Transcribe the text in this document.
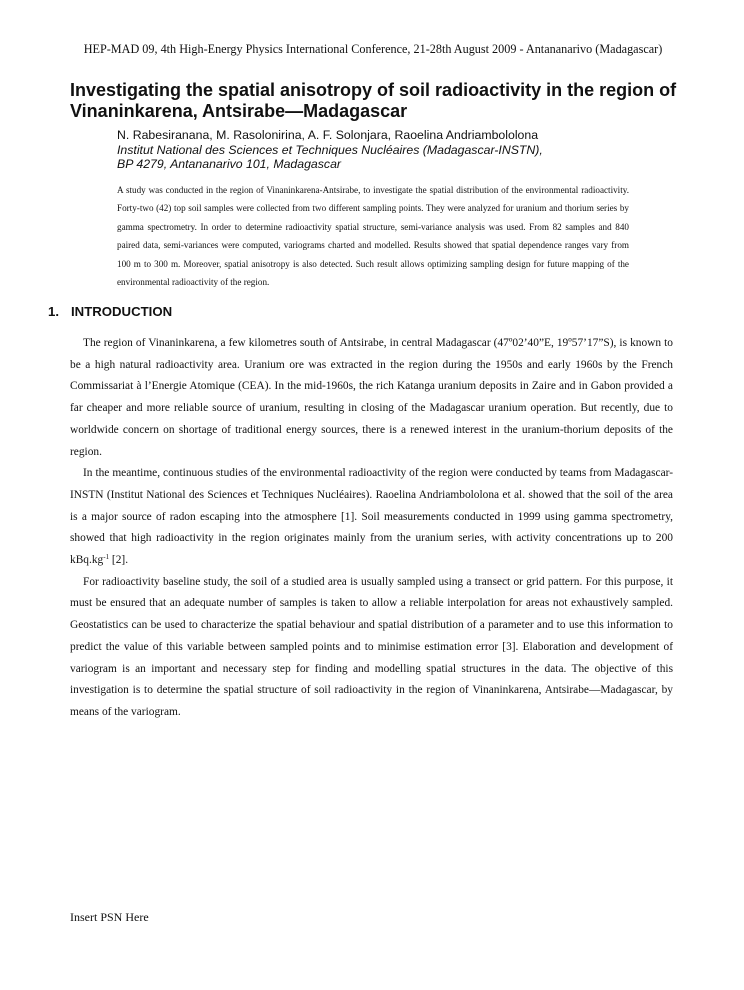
HEP-MAD 09, 4th High-Energy Physics International Conference, 21-28th August 2009 - Antananarivo (Madagascar)
Investigating the spatial anisotropy of soil radioactivity in the region of Vinaninkarena, Antsirabe—Madagascar
N. Rabesiranana, M. Rasolonirina, A. F. Solonjara, Raoelina Andriambololona
Institut National des Sciences et Techniques Nucléaires (Madagascar-INSTN),
BP 4279, Antananarivo 101, Madagascar

A study was conducted in the region of Vinaninkarena-Antsirabe, to investigate the spatial distribution of the environmental radioactivity. Forty-two (42) top soil samples were collected from two different sampling points. They were analyzed for uranium and thorium series by gamma spectrometry. In order to determine radioactivity spatial structure, semi-variance analysis was used. From 82 samples and 840 paired data, semi-variances were computed, variograms charted and modelled. Results showed that spatial dependence ranges vary from 100 m to 300 m. Moreover, spatial anisotropy is also detected. Such result allows optimizing sampling design for future mapping of the environmental radioactivity of the region.

1. INTRODUCTION

The region of Vinaninkarena, a few kilometres south of Antsirabe, in central Madagascar (47º02’40”E, 19º57’17”S), is known to be a high natural radioactivity area. Uranium ore was extracted in the region during the 1950s and early 1960s by the French Commissariat à l’Energie Atomique (CEA). In the mid-1960s, the rich Katanga uranium deposits in Zaire and in Gabon provided a far cheaper and more reliable source of uranium, resulting in closing of the Madagascar uranium operation. But recently, due to worldwide concern on shortage of traditional energy sources, there is a renewed interest in the uranium-thorium deposits of the region.

In the meantime, continuous studies of the environmental radioactivity of the region were conducted by teams from Madagascar-INSTN (Institut National des Sciences et Techniques Nucléaires). Raoelina Andriambololona et al. showed that the soil of the area is a major source of radon escaping into the atmosphere [1]. Soil measurements conducted in 1999 using gamma spectrometry, showed that high radioactivity in the region originates mainly from the uranium series, with activity concentrations up to 200 $kBq.kg^{-1}$ [2].

For radioactivity baseline study, the soil of a studied area is usually sampled using a transect or grid pattern. For this purpose, it must be ensured that an adequate number of samples is taken to allow a reliable interpolation for areas not exhaustively sampled. Geostatistics can be used to characterize the spatial behaviour and spatial distribution of a parameter and to use this information to predict the value of this variable between sampled points and to minimise estimation error [3]. Elaboration and development of variogram is an important and necessary step for finding and modelling spatial structures in the data. The objective of this investigation is to determine the spatial structure of soil radioactivity in the region of Vinaninkarena, Antsirabe—Madagascar, by means of the variogram.

Insert PSN Here
